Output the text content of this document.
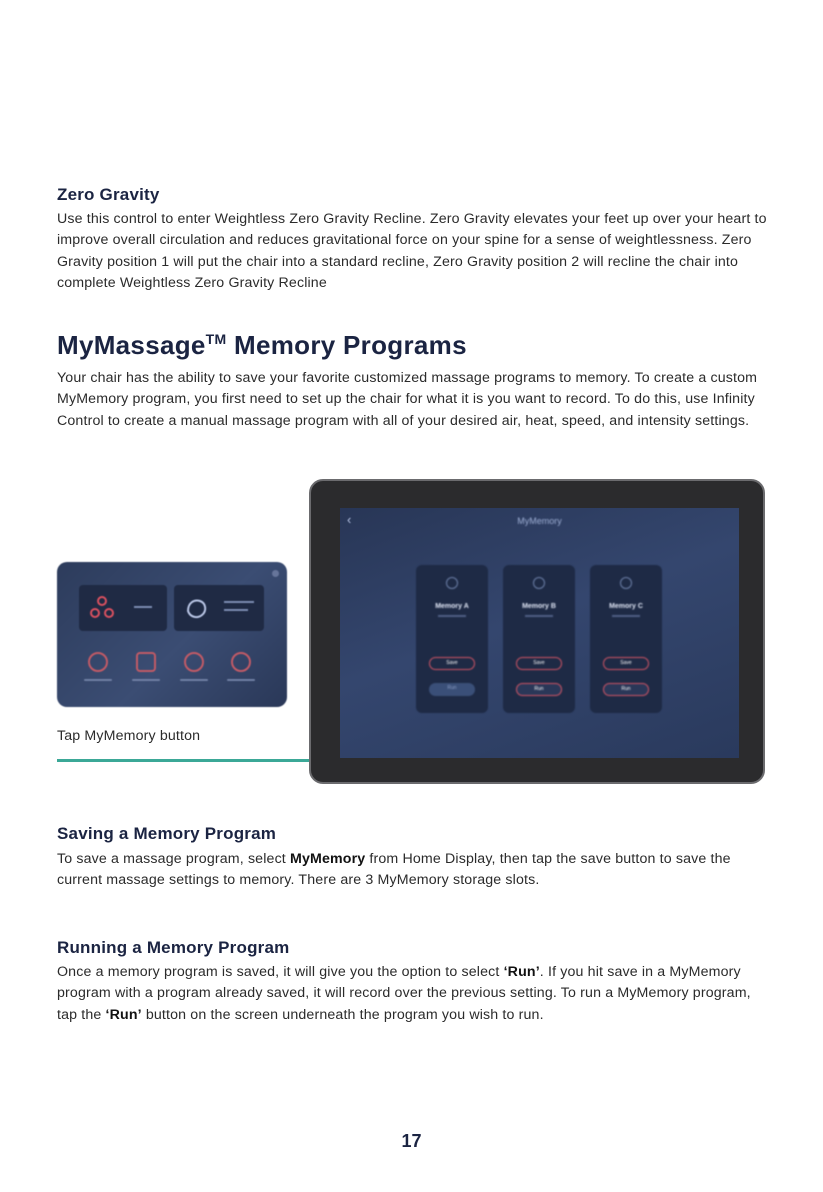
Zero Gravity

Use this control to enter Weightless Zero Gravity Recline. Zero Gravity elevates your feet up over your heart to improve overall circulation and reduces gravitational force on your spine for a sense of weightlessness. Zero Gravity position 1 will put the chair into a standard recline, Zero Gravity position 2 will recline the chair into complete Weightless Zero Gravity Recline

MyMassage™ Memory Programs

Your chair has the ability to save your favorite customized massage programs to memory. To create a custom MyMemory program, you first need to set up the chair for what it is you want to record. To do this, use Infinity Control to create a manual massage program with all of your desired air, heat, speed, and intensity settings.

Tap MyMemory button
‹	MyMemory
Memory A
Save
Run
Memory B
Save
Run
Memory C
Save
Run
Saving a Memory Program

To save a massage program, select MyMemory from Home Display, then tap the save button to save the current massage settings to memory. There are 3 MyMemory storage slots.

Running a Memory Program

Once a memory program is saved, it will give you the option to select ‘Run’. If you hit save in a MyMemory program with a program already saved, it will record over the previous setting. To run a MyMemory program, tap the ‘Run’ button on the screen underneath the program you wish to run.

17
